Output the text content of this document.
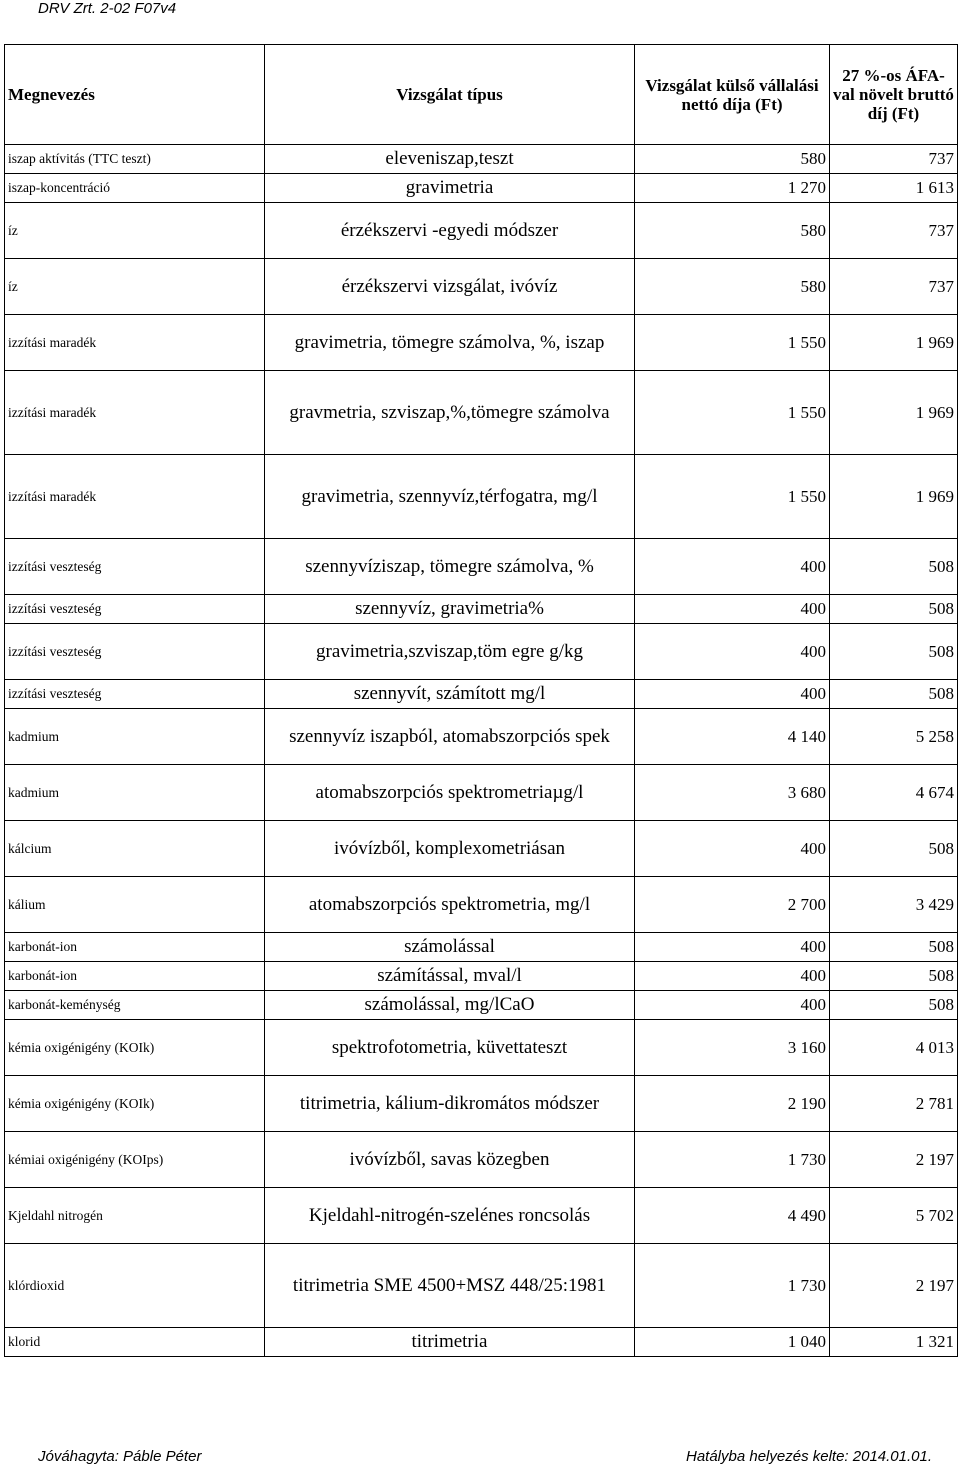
DRV Zrt. 2-02 F07v4
Megnevezés	Vizsgálat típus	Vizsgálat külső vállalási nettó díja (Ft)	27 %-os ÁFA-val növelt bruttó díj (Ft)
iszap aktívitás (TTC teszt)	eleveniszap,teszt	580	737
iszap-koncentráció	gravimetria	1 270	1 613
íz	érzékszervi -egyedi módszer	580	737
íz	érzékszervi vizsgálat, ivóvíz	580	737
izzítási maradék	gravimetria, tömegre számolva, %, iszap	1 550	1 969
izzítási maradék	gravmetria, szviszap,%,tömegre számolva	1 550	1 969
izzítási maradék	gravimetria, szennyvíz,térfogatra, mg/l	1 550	1 969
izzítási veszteség	szennyvíziszap, tömegre számolva, %	400	508
izzítási veszteség	szennyvíz, gravimetria%	400	508
izzítási veszteség	gravimetria,szviszap,töm egre g/kg	400	508
izzítási veszteség	szennyvít, számított mg/l	400	508
kadmium	szennyvíz iszapból, atomabszorpciós spek	4 140	5 258
kadmium	atomabszorpciós spektrometriaµg/l	3 680	4 674
kálcium	ivóvízből, komplexometriásan	400	508
kálium	atomabszorpciós spektrometria, mg/l	2 700	3 429
karbonát-ion	számolással	400	508
karbonát-ion	számítással, mval/l	400	508
karbonát-keménység	számolással, mg/lCaO	400	508
kémia oxigénigény (KOIk)	spektrofotometria, küvettateszt	3 160	4 013
kémia oxigénigény (KOIk)	titrimetria, kálium-dikromátos módszer	2 190	2 781
kémiai oxigénigény (KOIps)	ivóvízből, savas közegben	1 730	2 197
Kjeldahl nitrogén	Kjeldahl-nitrogén-szelénes roncsolás	4 490	5 702
klórdioxid	titrimetria SME 4500+MSZ 448/25:1981	1 730	2 197
klorid	titrimetria	1 040	1 321
Jóváhagyta: Páble Péter	Hatályba helyezés kelte: 2014.01.01.
